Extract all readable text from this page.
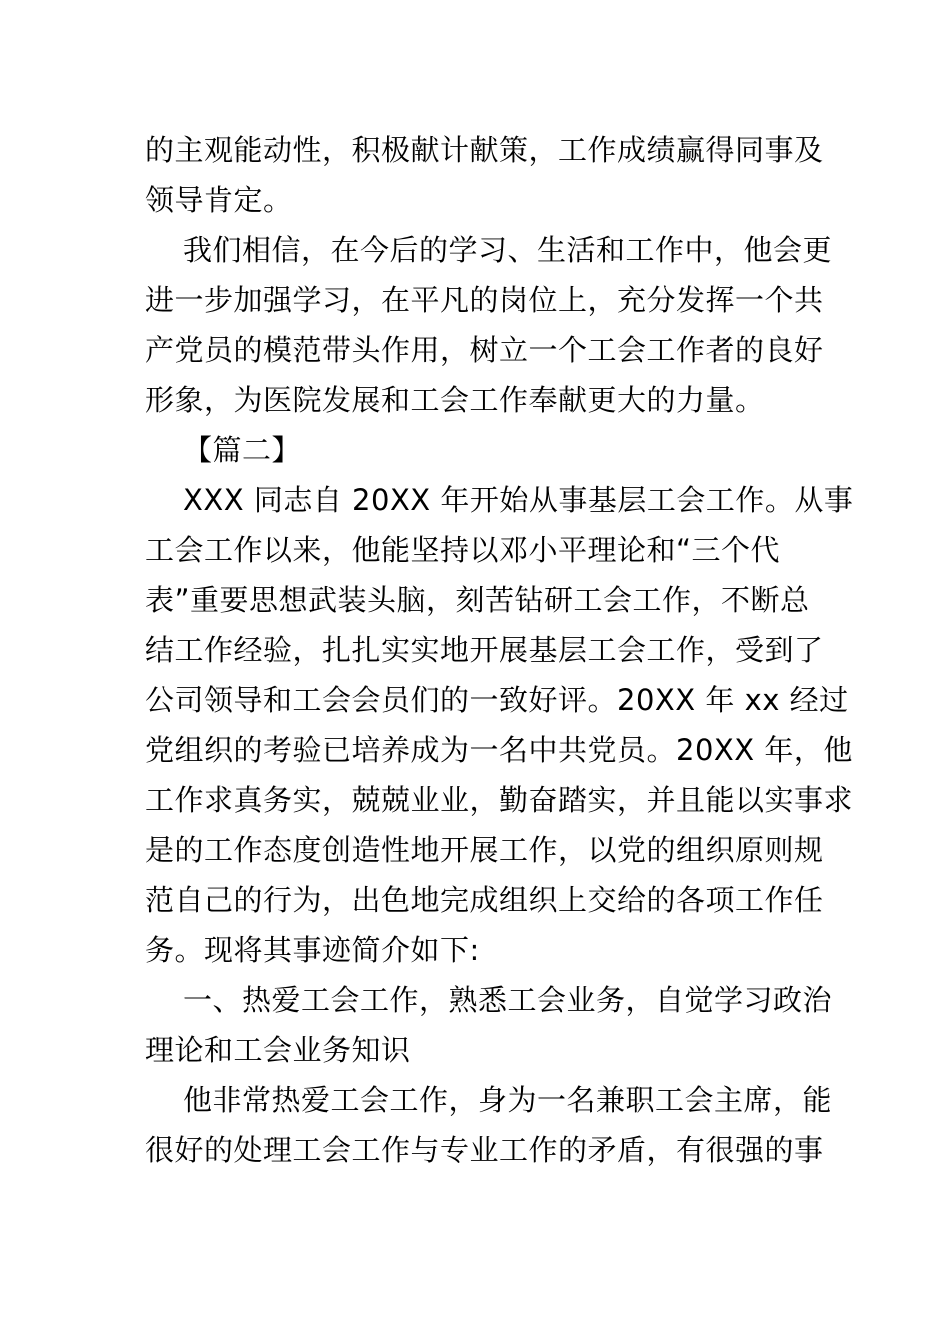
的主观能动性，积极献计献策，工作成绩赢得同事及
领导肯定。
我们相信，在今后的学习、生活和工作中，他会更
进一步加强学习，在平凡的岗位上，充分发挥一个共
产党员的模范带头作用，树立一个工会工作者的良好
形象，为医院发展和工会工作奉献更大的力量。
【篇二】
XXX 同志自 20XX 年开始从事基层工会工作。从事
工会工作以来，他能坚持以邓小平理论和“三个代
表”重要思想武装头脑，刻苦钻研工会工作，不断总
结工作经验，扎扎实实地开展基层工会工作，受到了
公司领导和工会会员们的一致好评。20XX 年 xx 经过
党组织的考验已培养成为一名中共党员。20XX 年，他
工作求真务实，兢兢业业，勤奋踏实，并且能以实事求
是的工作态度创造性地开展工作，以党的组织原则规
范自己的行为，出色地完成组织上交给的各项工作任
务。现将其事迹简介如下:
一、热爱工会工作，熟悉工会业务，自觉学习政治
理论和工会业务知识
他非常热爱工会工作，身为一名兼职工会主席，能
很好的处理工会工作与专业工作的矛盾，有很强的事
